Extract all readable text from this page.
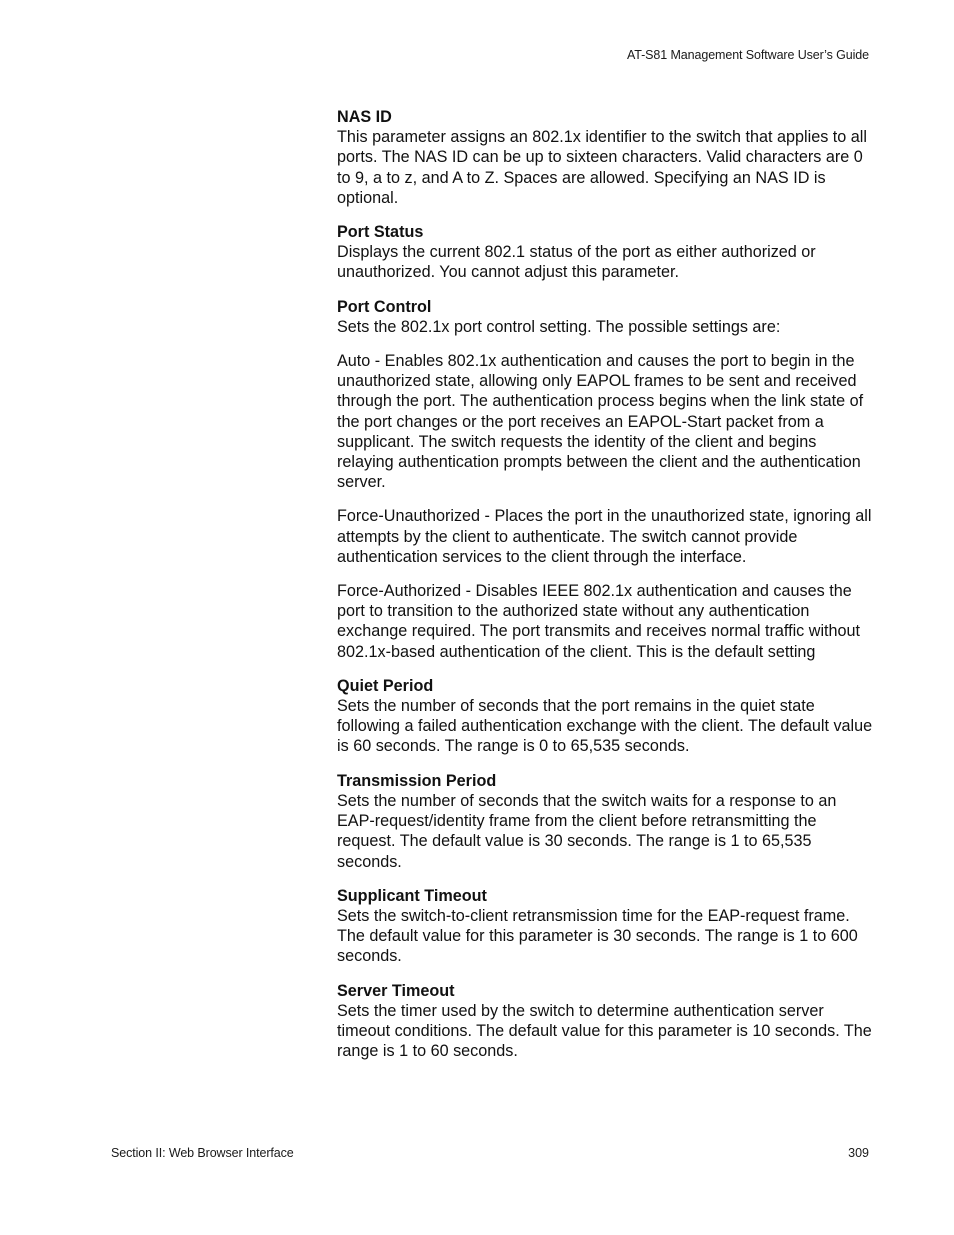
AT-S81 Management Software User’s Guide
NAS ID

This parameter assigns an 802.1x identifier to the switch that applies to all ports. The NAS ID can be up to sixteen characters. Valid characters are 0 to 9, a to z, and A to Z. Spaces are allowed. Specifying an NAS ID is optional.

Port Status

Displays the current 802.1 status of the port as either authorized or unauthorized. You cannot adjust this parameter.

Port Control

Sets the 802.1x port control setting. The possible settings are:

Auto - Enables 802.1x authentication and causes the port to begin in the unauthorized state, allowing only EAPOL frames to be sent and received through the port. The authentication process begins when the link state of the port changes or the port receives an EAPOL-Start packet from a supplicant. The switch requests the identity of the client and begins relaying authentication prompts between the client and the authentication server.

Force-Unauthorized - Places the port in the unauthorized state, ignoring all attempts by the client to authenticate. The switch cannot provide authentication services to the client through the interface.

Force-Authorized - Disables IEEE 802.1x authentication and causes the port to transition to the authorized state without any authentication exchange required. The port transmits and receives normal traffic without 802.1x-based authentication of the client. This is the default setting

Quiet Period

Sets the number of seconds that the port remains in the quiet state following a failed authentication exchange with the client. The default value is 60 seconds. The range is 0 to 65,535 seconds.

Transmission Period

Sets the number of seconds that the switch waits for a response to an EAP-request/identity frame from the client before retransmitting the request. The default value is 30 seconds. The range is 1 to 65,535 seconds.

Supplicant Timeout

Sets the switch-to-client retransmission time for the EAP-request frame. The default value for this parameter is 30 seconds. The range is 1 to 600 seconds.

Server Timeout

Sets the timer used by the switch to determine authentication server timeout conditions. The default value for this parameter is 10 seconds. The range is 1 to 60 seconds.

Section II: Web Browser Interface	309
